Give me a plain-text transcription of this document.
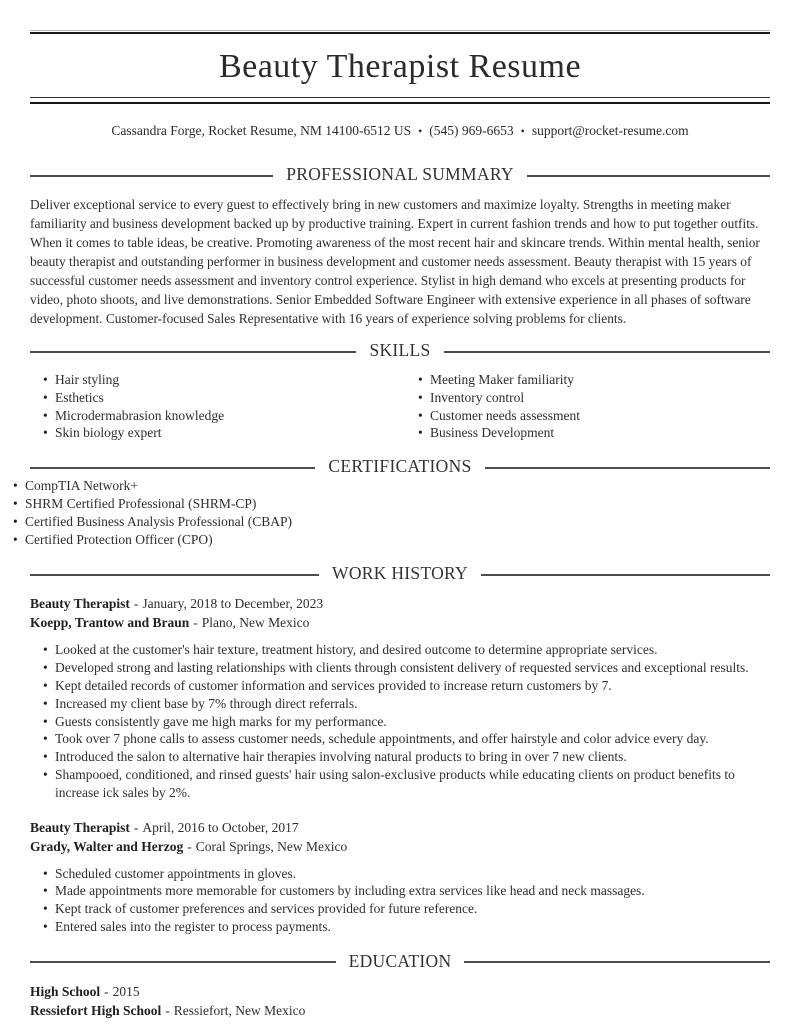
Beauty Therapist Resume
Cassandra Forge, Rocket Resume, NM 14100-6512 US • (545) 969-6653 • support@rocket-resume.com
PROFESSIONAL SUMMARY

Deliver exceptional service to every guest to effectively bring in new customers and maximize loyalty. Strengths in meeting maker familiarity and business development backed up by productive training. Expert in current fashion trends and how to put together outfits. When it comes to table ideas, be creative. Promoting awareness of the most recent hair and skincare trends. Within mental health, senior beauty therapist and outstanding performer in business development and customer needs assessment. Beauty therapist with 15 years of successful customer needs assessment and inventory control experience. Stylist in high demand who excels at presenting products for video, photo shoots, and live demonstrations. Senior Embedded Software Engineer with extensive experience in all phases of software development. Customer-focused Sales Representative with 16 years of experience solving problems for clients.

SKILLS
• Hair styling
• Esthetics
• Microdermabrasion knowledge
• Skin biology expert
• Meeting Maker familiarity
• Inventory control
• Customer needs assessment
• Business Development
CERTIFICATIONS
• CompTIA Network+
• SHRM Certified Professional (SHRM-CP)
• Certified Business Analysis Professional (CBAP)
• Certified Protection Officer (CPO)
WORK HISTORY
Beauty Therapist - January, 2018 to December, 2023
Koepp, Trantow and Braun - Plano, New Mexico
• Looked at the customer's hair texture, treatment history, and desired outcome to determine appropriate services.
• Developed strong and lasting relationships with clients through consistent delivery of requested services and exceptional results.
• Kept detailed records of customer information and services provided to increase return customers by 7.
• Increased my client base by 7% through direct referrals.
• Guests consistently gave me high marks for my performance.
• Took over 7 phone calls to assess customer needs, schedule appointments, and offer hairstyle and color advice every day.
• Introduced the salon to alternative hair therapies involving natural products to bring in over 7 new clients.
• Shampooed, conditioned, and rinsed guests' hair using salon-exclusive products while educating clients on product benefits to increase ick sales by 2%.
Beauty Therapist - April, 2016 to October, 2017
Grady, Walter and Herzog - Coral Springs, New Mexico
• Scheduled customer appointments in gloves.
• Made appointments more memorable for customers by including extra services like head and neck massages.
• Kept track of customer preferences and services provided for future reference.
• Entered sales into the register to process payments.
EDUCATION
High School - 2015
Ressiefort High School - Ressiefort, New Mexico
